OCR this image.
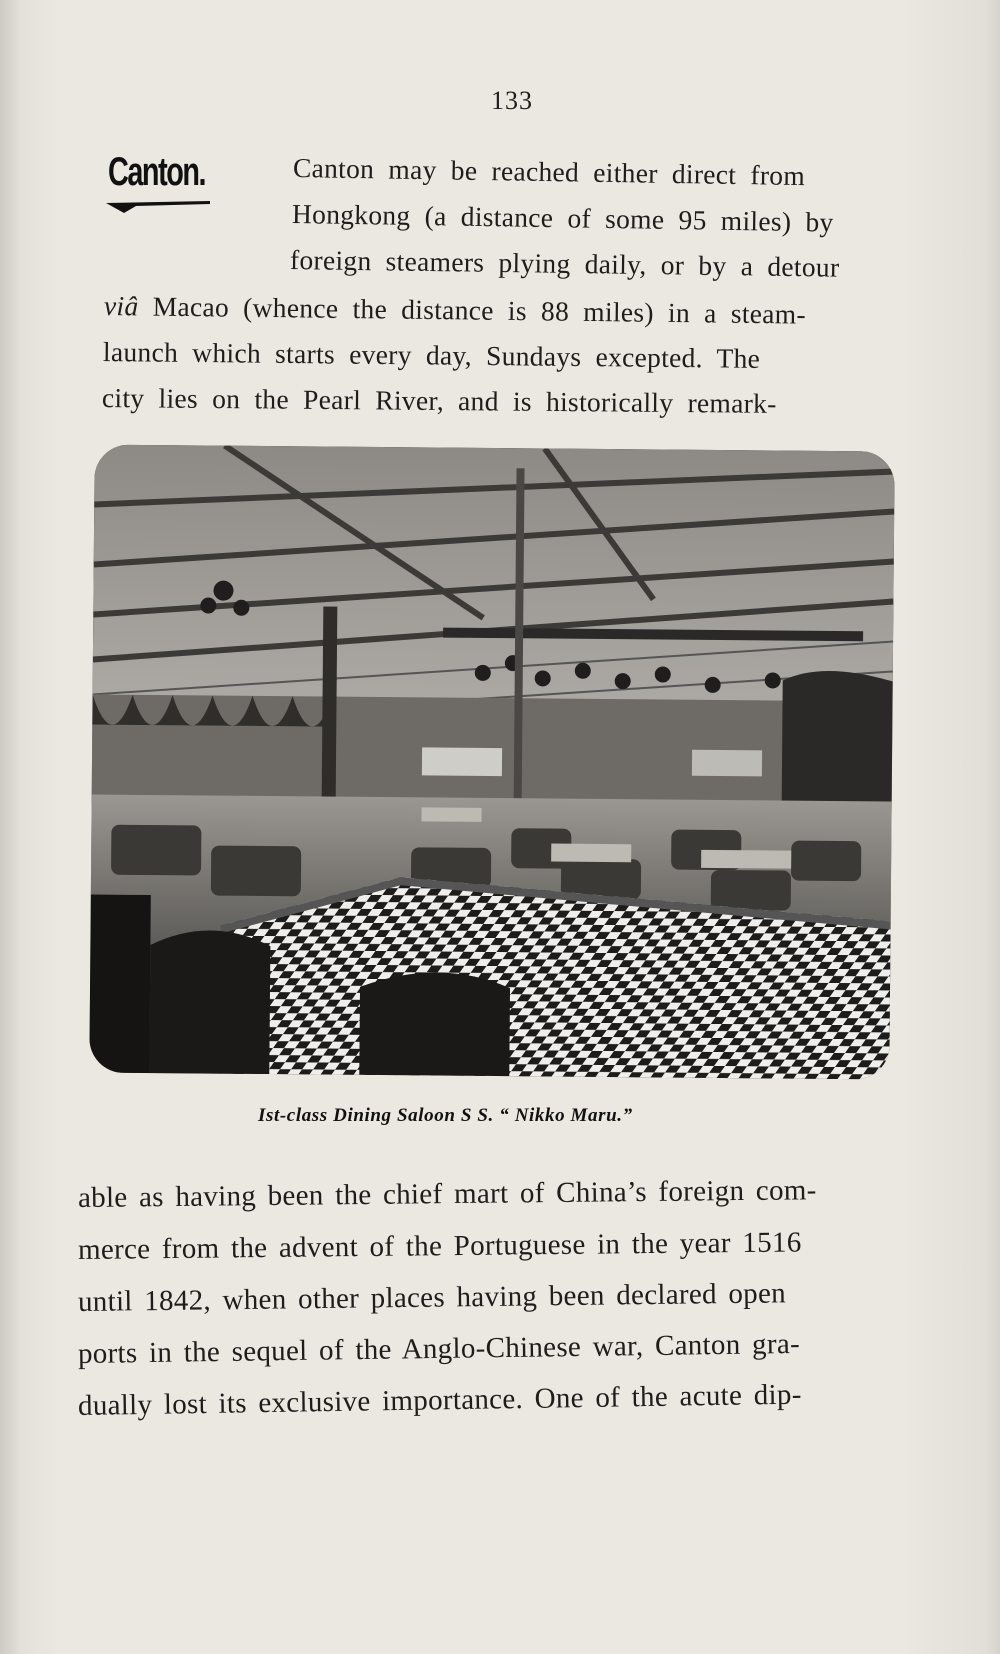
133
Canton.	Canton may be reached either direct from
Hongkong (a distance of some 95 miles) by
foreign steamers plying daily, or by a detour
viâ Macao (whence the distance is 88 miles) in a steam-
launch which starts every day, Sundays excepted. The
city lies on the Pearl River, and is historically remark-
Ist-class Dining Saloon S S. “ Nikko Maru.”
able as having been the chief mart of China’s foreign com-
merce from the advent of the Portuguese in the year 1516
until 1842, when other places having been declared open
ports in the sequel of the Anglo-Chinese war, Canton gra-
dually lost its exclusive importance. One of the acute dip-
